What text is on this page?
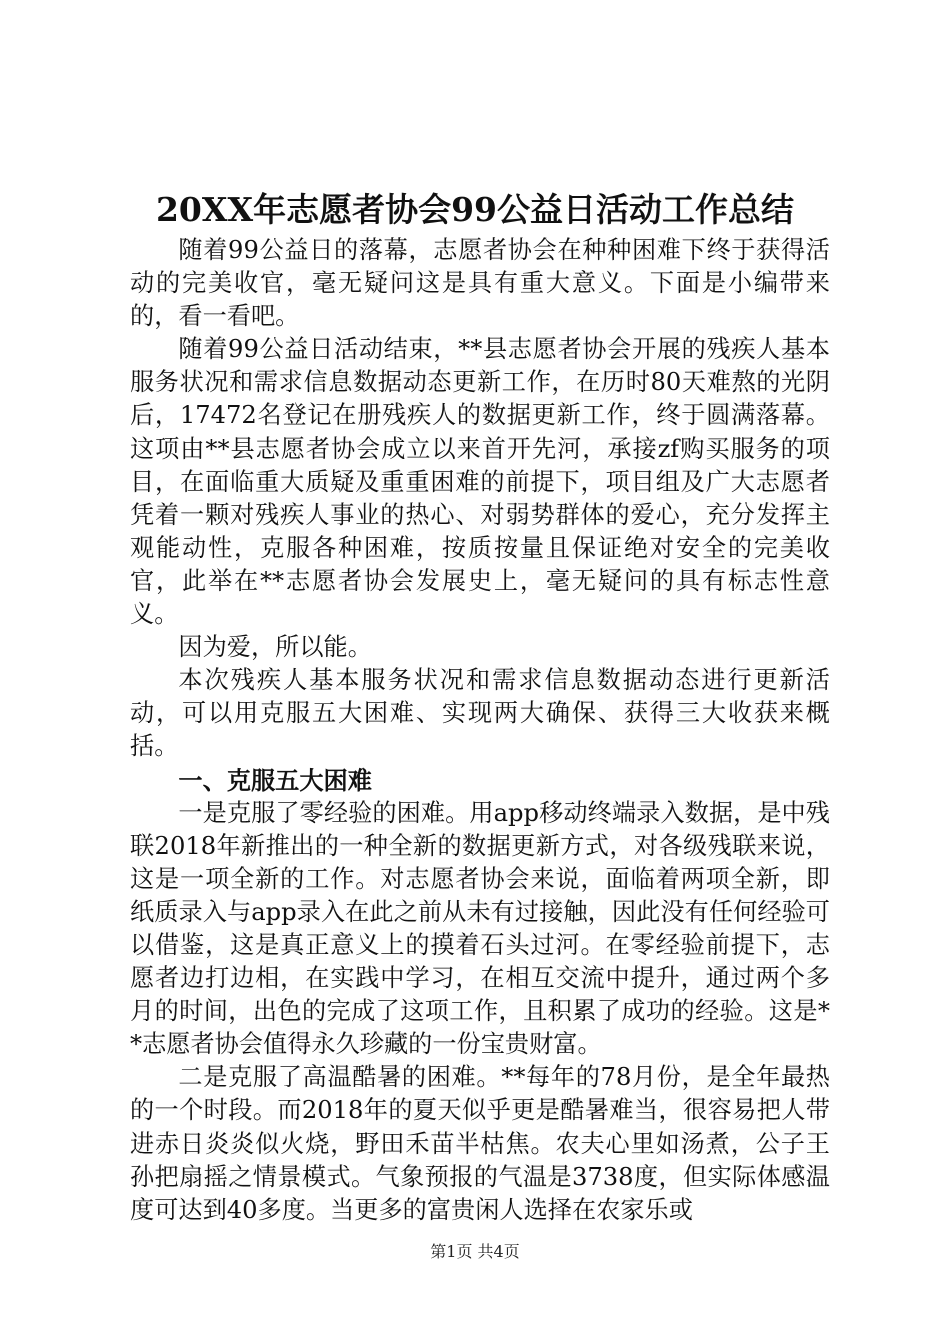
20XX年志愿者协会99公益日活动工作总结

随着99公益日的落幕，志愿者协会在种种困难下终于获得活动的完美收官，毫无疑问这是具有重大意义。下面是小编带来的，看一看吧。

随着99公益日活动结束，**县志愿者协会开展的残疾人基本服务状况和需求信息数据动态更新工作，在历时80天难熬的光阴后，17472名登记在册残疾人的数据更新工作，终于圆满落幕。这项由**县志愿者协会成立以来首开先河，承接zf购买服务的项目，在面临重大质疑及重重困难的前提下，项目组及广大志愿者凭着一颗对残疾人事业的热心、对弱势群体的爱心，充分发挥主观能动性，克服各种困难，按质按量且保证绝对安全的完美收官，此举在**志愿者协会发展史上，毫无疑问的具有标志性意义。

因为爱，所以能。

本次残疾人基本服务状况和需求信息数据动态进行更新活动，可以用克服五大困难、实现两大确保、获得三大收获来概括。

一、克服五大困难

一是克服了零经验的困难。用app移动终端录入数据，是中残联2018年新推出的一种全新的数据更新方式，对各级残联来说，这是一项全新的工作。对志愿者协会来说，面临着两项全新，即纸质录入与app录入在此之前从未有过接触，因此没有任何经验可以借鉴，这是真正意义上的摸着石头过河。在零经验前提下，志愿者边打边相，在实践中学习，在相互交流中提升，通过两个多月的时间，出色的完成了这项工作，且积累了成功的经验。这是**志愿者协会值得永久珍藏的一份宝贵财富。

二是克服了高温酷暑的困难。**每年的78月份，是全年最热的一个时段。而2018年的夏天似乎更是酷暑难当，很容易把人带进赤日炎炎似火烧，野田禾苗半枯焦。农夫心里如汤煮，公子王孙把扇摇之情景模式。气象预报的气温是3738度，但实际体感温度可达到40多度。当更多的富贵闲人选择在农家乐或

第1页 共4页
